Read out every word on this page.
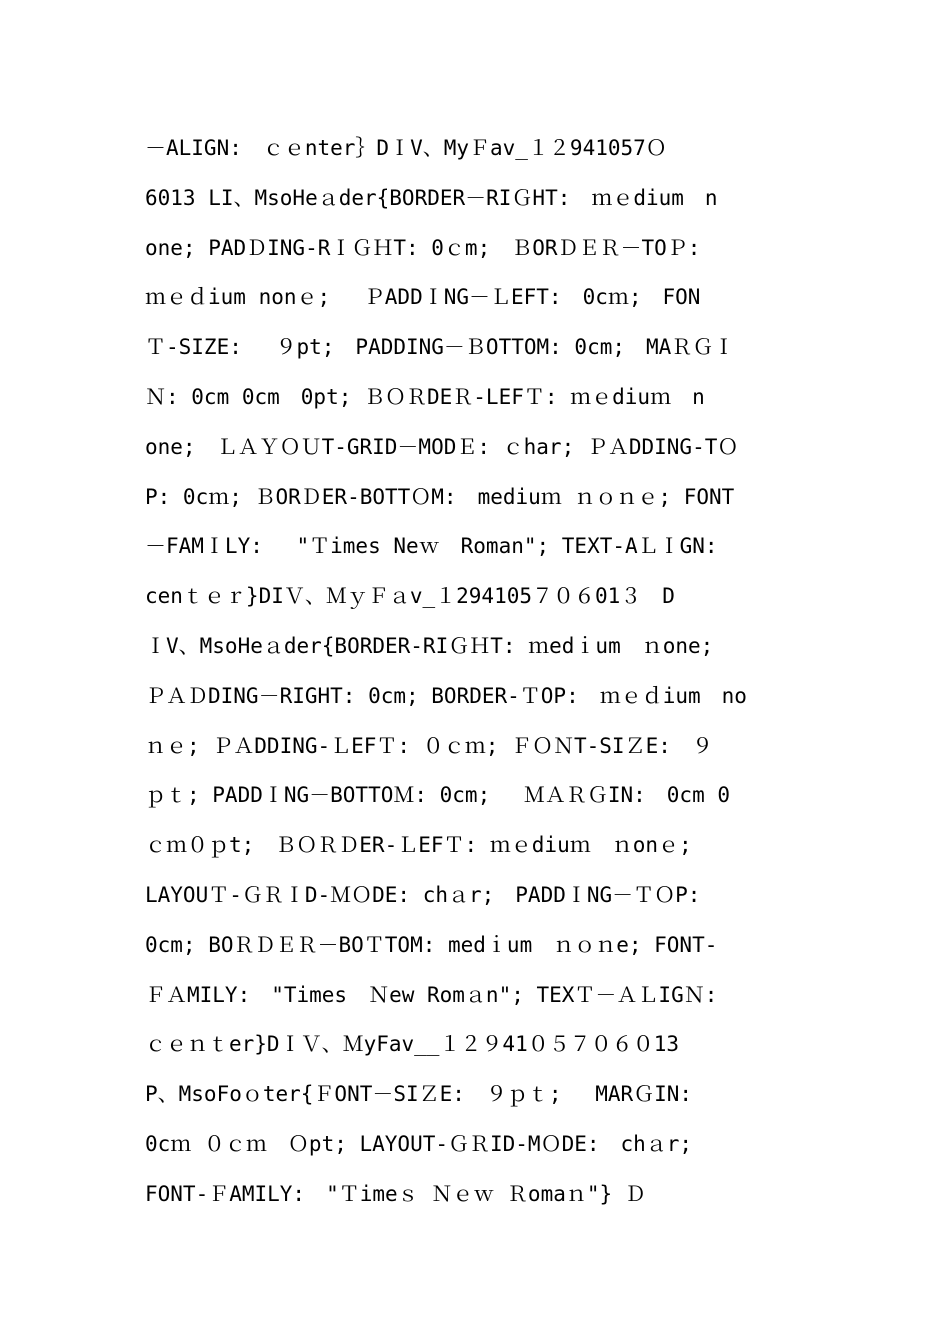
－ALIGN:　ｃｅnter｝DＩV、MyＦav_１２941057Ｏ
6013 LI、MsoHeａder{BORDER－RIＧHT:　ｍｅdium　n
one; PADＤING-RＩＧＨT: 0ｃm;　ＢORＤＥＲ－TOＰ:
ｍｅｄium nonｅ;　 ＰADDＩNG－ＬEFT:　0cｍ;　FON
Ｔ-SIZE:　 ９pt;　PADDING－ＢOTTOM: 0cm;　MAＲＧＩ
Ｎ: 0cm 0cm　0pt; ＢＯＲDEＲ-LEFＴ: ｍｅdiuｍ　n
one;　ＬＡＹＯＵT-GRID－MODＥ: ｃhar; ＰＡDDING-TＯ
P: 0cｍ; ＢORＤER-BOTTＯM:　mediuｍ ｎｏｎｅ; FONT
－FAMＩLY:　 "Ｔimes Neｗ　Roman"; TEXT-AＬＩGN:
cenｔｅｒ}DIＶ、ＭｙＦａv_１294105７０６01３　D
ＩV、MsoHeａder{BORDER-RIＧＨT: ｍedｉum　ｎone;
ＰＡＤDING－RIGHT: 0cm; BORDER-ＴOP:　ｍｅｄium　no
ｎｅ; ＰＡDDING-ＬEFＴ: ０ｃｍ; ＦＯＮT-SIＺE:　９
ｐｔ; PADDＩNG－BOTTOＭ: 0cm;　 ＭＡＲＧIN:　0cm 0
ｃｍ０ｐt;　ＢＯＲＤER-ＬEFＴ: ｍｅdiuｍ　ｎonｅ;
LAYOUＴ-ＧＲＩD-ＭＯDE: chａr;　PADDＩNG－ＴＯP:
0cm; BOＲＤＥＲ－BOＴTOM: medｉum　ｎｏｎe; FONT-
ＦＡMILY:　"Times　Ｎew Romａn"; TEXＴ－ＡＬIGＮ:
ｃｅｎｔer}DＩＶ、ＭyFav__１２９41０５７０６０13
P、MsoFoｏter{ＦONT－SIＺE:　９ｐｔ;　 MARＧIN:
0cｍ ０ｃｍ　Ｏpt; LAYOUT-ＧＲID-MＯDE:　chａr;
FONT-ＦAMILY:　"Ｔimeｓ Ｎｅｗ Ｒomaｎ"} Ｄ
